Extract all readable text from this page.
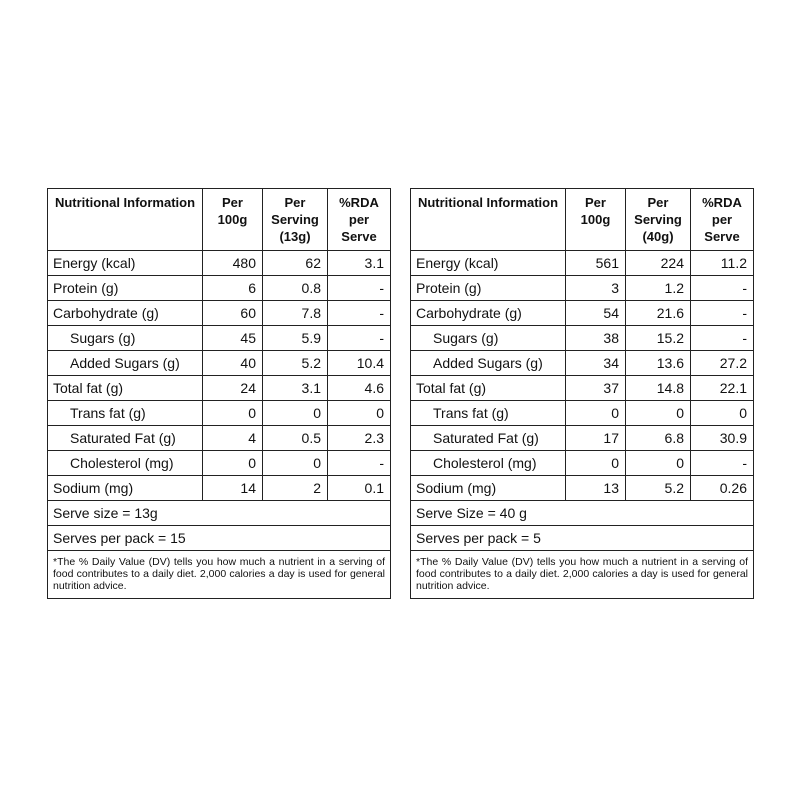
Nutritional Information	Per 100g	Per Serving (13g)	%RDA per Serve
Energy (kcal)	480	62	3.1
Protein (g)	6	0.8	-
Carbohydrate (g)	60	7.8	-
Sugars (g)	45	5.9	-
Added Sugars (g)	40	5.2	10.4
Total fat (g)	24	3.1	4.6
Trans fat (g)	0	0	0
Saturated Fat (g)	4	0.5	2.3
Cholesterol (mg)	0	0	-
Sodium (mg)	14	2	0.1
Serve size = 13g			
Serves per pack = 15			
*The % Daily Value (DV) tells you how much a nutrient in a serving of food contributes to a daily diet. 2,000 calories a day is used for general nutrition advice.			
Nutritional Information	Per 100g	Per Serving (40g)	%RDA per Serve
Energy (kcal)	561	224	11.2
Protein (g)	3	1.2	-
Carbohydrate (g)	54	21.6	-
Sugars (g)	38	15.2	-
Added Sugars (g)	34	13.6	27.2
Total fat (g)	37	14.8	22.1
Trans fat (g)	0	0	0
Saturated Fat (g)	17	6.8	30.9
Cholesterol (mg)	0	0	-
Sodium (mg)	13	5.2	0.26
Serve Size = 40 g			
Serves per pack = 5			
*The % Daily Value (DV) tells you how much a nutrient in a serving of food contributes to a daily diet. 2,000 calories a day is used for general nutrition advice.			
